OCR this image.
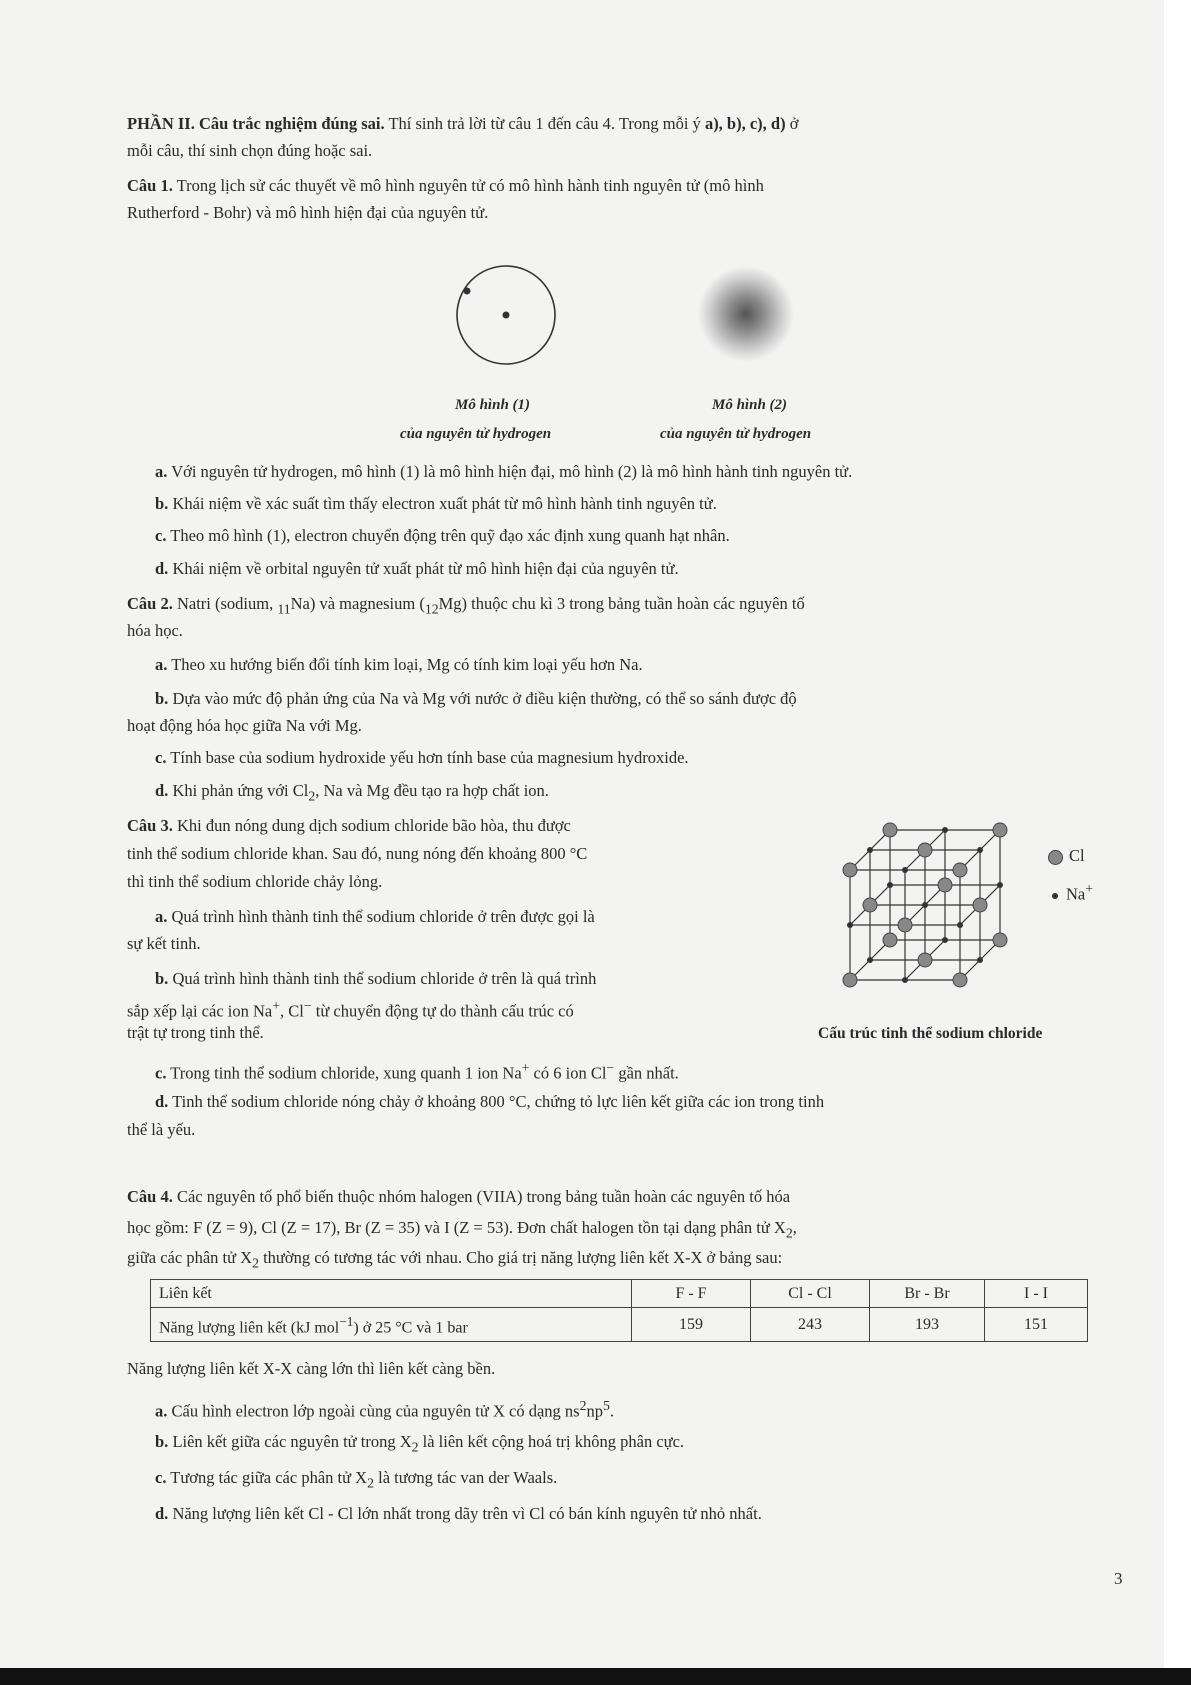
PHẦN II. Câu trắc nghiệm đúng sai. Thí sinh trả lời từ câu 1 đến câu 4. Trong mỗi ý a), b), c), d) ở
mỗi câu, thí sinh chọn đúng hoặc sai.
Câu 1. Trong lịch sử các thuyết về mô hình nguyên tử có mô hình hành tinh nguyên tử (mô hình
Rutherford - Bohr) và mô hình hiện đại của nguyên tử.
Mô hình (1)
của nguyên tử hydrogen
Mô hình (2)
của nguyên tử hydrogen
a. Với nguyên tử hydrogen, mô hình (1) là mô hình hiện đại, mô hình (2) là mô hình hành tinh nguyên tử.
b. Khái niệm về xác suất tìm thấy electron xuất phát từ mô hình hành tinh nguyên tử.
c. Theo mô hình (1), electron chuyển động trên quỹ đạo xác định xung quanh hạt nhân.
d. Khái niệm về orbital nguyên tử xuất phát từ mô hình hiện đại của nguyên tử.
Câu 2. Natri (sodium, $_{11}$Na) và magnesium $(_{12}Mg)$ thuộc chu kì 3 trong bảng tuần hoàn các nguyên tố
hóa học.
a. Theo xu hướng biến đổi tính kim loại, Mg có tính kim loại yếu hơn Na.
b. Dựa vào mức độ phản ứng của Na và Mg với nước ở điều kiện thường, có thể so sánh được độ
hoạt động hóa học giữa Na với Mg.
c. Tính base của sodium hydroxide yếu hơn tính base của magnesium hydroxide.
d. Khi phản ứng với $Cl_2$, Na và Mg đều tạo ra hợp chất ion.
Câu 3. Khi đun nóng dung dịch sodium chloride bão hòa, thu được
tinh thể sodium chloride khan. Sau đó, nung nóng đến khoảng 800 °C
thì tinh thể sodium chloride chảy lỏng.
a. Quá trình hình thành tinh thể sodium chloride ở trên được gọi là
sự kết tinh.
b. Quá trình hình thành tinh thể sodium chloride ở trên là quá trình
sắp xếp lại các ion Na+, Cl− từ chuyển động tự do thành cấu trúc có
trật tự trong tinh thể.
c. Trong tinh thể sodium chloride, xung quanh 1 ion Na+ có 6 ion Cl− gần nhất.
d. Tinh thể sodium chloride nóng chảy ở khoảng 800 °C, chứng tỏ lực liên kết giữa các ion trong tinh
thể là yếu.
Cl
Na+
Cấu trúc tinh thể sodium chloride
Câu 4. Các nguyên tố phổ biến thuộc nhóm halogen (VIIA) trong bảng tuần hoàn các nguyên tố hóa
học gồm: F (Z = 9), Cl (Z = 17), Br (Z = 35) và I (Z = 53). Đơn chất halogen tồn tại dạng phân tử $X_2$,
giữa các phân tử $X_2$ thường có tương tác với nhau. Cho giá trị năng lượng liên kết X-X ở bảng sau:
Liên kết	F - F	Cl - Cl	Br - Br	I - I
Năng lượng liên kết (kJ mol$^{-1}$) ở 25 °C và 1 bar	159	243	193	151
Năng lượng liên kết X-X càng lớn thì liên kết càng bền.
a. Cấu hình electron lớp ngoài cùng của nguyên tử X có dạng $ns^2np^5$.
b. Liên kết giữa các nguyên tử trong $X_2$ là liên kết cộng hoá trị không phân cực.
c. Tương tác giữa các phân tử $X_2$ là tương tác van der Waals.
d. Năng lượng liên kết Cl - Cl lớn nhất trong dãy trên vì Cl có bán kính nguyên tử nhỏ nhất.
3
